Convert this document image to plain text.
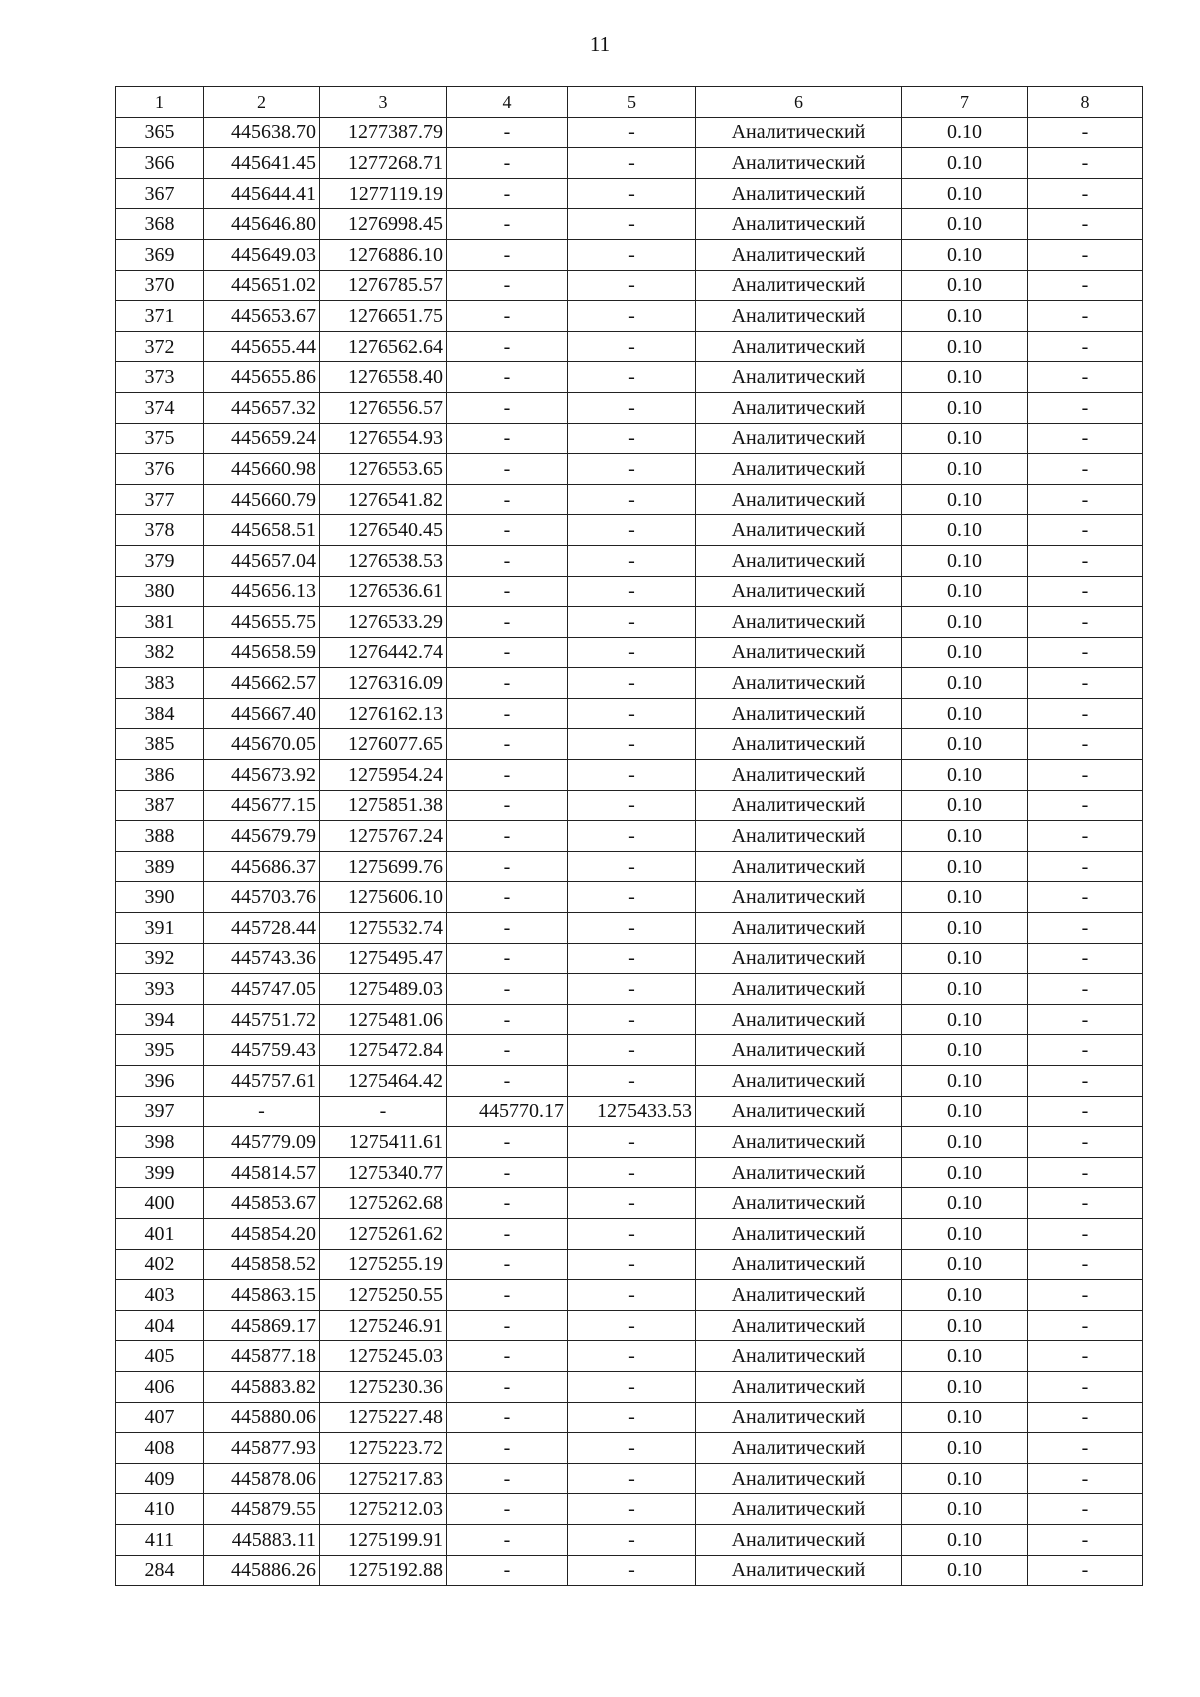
11
1	2	3	4	5	6	7	8
365	445638.70	1277387.79	-	-	Аналитический	0.10	-
366	445641.45	1277268.71	-	-	Аналитический	0.10	-
367	445644.41	1277119.19	-	-	Аналитический	0.10	-
368	445646.80	1276998.45	-	-	Аналитический	0.10	-
369	445649.03	1276886.10	-	-	Аналитический	0.10	-
370	445651.02	1276785.57	-	-	Аналитический	0.10	-
371	445653.67	1276651.75	-	-	Аналитический	0.10	-
372	445655.44	1276562.64	-	-	Аналитический	0.10	-
373	445655.86	1276558.40	-	-	Аналитический	0.10	-
374	445657.32	1276556.57	-	-	Аналитический	0.10	-
375	445659.24	1276554.93	-	-	Аналитический	0.10	-
376	445660.98	1276553.65	-	-	Аналитический	0.10	-
377	445660.79	1276541.82	-	-	Аналитический	0.10	-
378	445658.51	1276540.45	-	-	Аналитический	0.10	-
379	445657.04	1276538.53	-	-	Аналитический	0.10	-
380	445656.13	1276536.61	-	-	Аналитический	0.10	-
381	445655.75	1276533.29	-	-	Аналитический	0.10	-
382	445658.59	1276442.74	-	-	Аналитический	0.10	-
383	445662.57	1276316.09	-	-	Аналитический	0.10	-
384	445667.40	1276162.13	-	-	Аналитический	0.10	-
385	445670.05	1276077.65	-	-	Аналитический	0.10	-
386	445673.92	1275954.24	-	-	Аналитический	0.10	-
387	445677.15	1275851.38	-	-	Аналитический	0.10	-
388	445679.79	1275767.24	-	-	Аналитический	0.10	-
389	445686.37	1275699.76	-	-	Аналитический	0.10	-
390	445703.76	1275606.10	-	-	Аналитический	0.10	-
391	445728.44	1275532.74	-	-	Аналитический	0.10	-
392	445743.36	1275495.47	-	-	Аналитический	0.10	-
393	445747.05	1275489.03	-	-	Аналитический	0.10	-
394	445751.72	1275481.06	-	-	Аналитический	0.10	-
395	445759.43	1275472.84	-	-	Аналитический	0.10	-
396	445757.61	1275464.42	-	-	Аналитический	0.10	-
397	-	-	445770.17	1275433.53	Аналитический	0.10	-
398	445779.09	1275411.61	-	-	Аналитический	0.10	-
399	445814.57	1275340.77	-	-	Аналитический	0.10	-
400	445853.67	1275262.68	-	-	Аналитический	0.10	-
401	445854.20	1275261.62	-	-	Аналитический	0.10	-
402	445858.52	1275255.19	-	-	Аналитический	0.10	-
403	445863.15	1275250.55	-	-	Аналитический	0.10	-
404	445869.17	1275246.91	-	-	Аналитический	0.10	-
405	445877.18	1275245.03	-	-	Аналитический	0.10	-
406	445883.82	1275230.36	-	-	Аналитический	0.10	-
407	445880.06	1275227.48	-	-	Аналитический	0.10	-
408	445877.93	1275223.72	-	-	Аналитический	0.10	-
409	445878.06	1275217.83	-	-	Аналитический	0.10	-
410	445879.55	1275212.03	-	-	Аналитический	0.10	-
411	445883.11	1275199.91	-	-	Аналитический	0.10	-
284	445886.26	1275192.88	-	-	Аналитический	0.10	-
